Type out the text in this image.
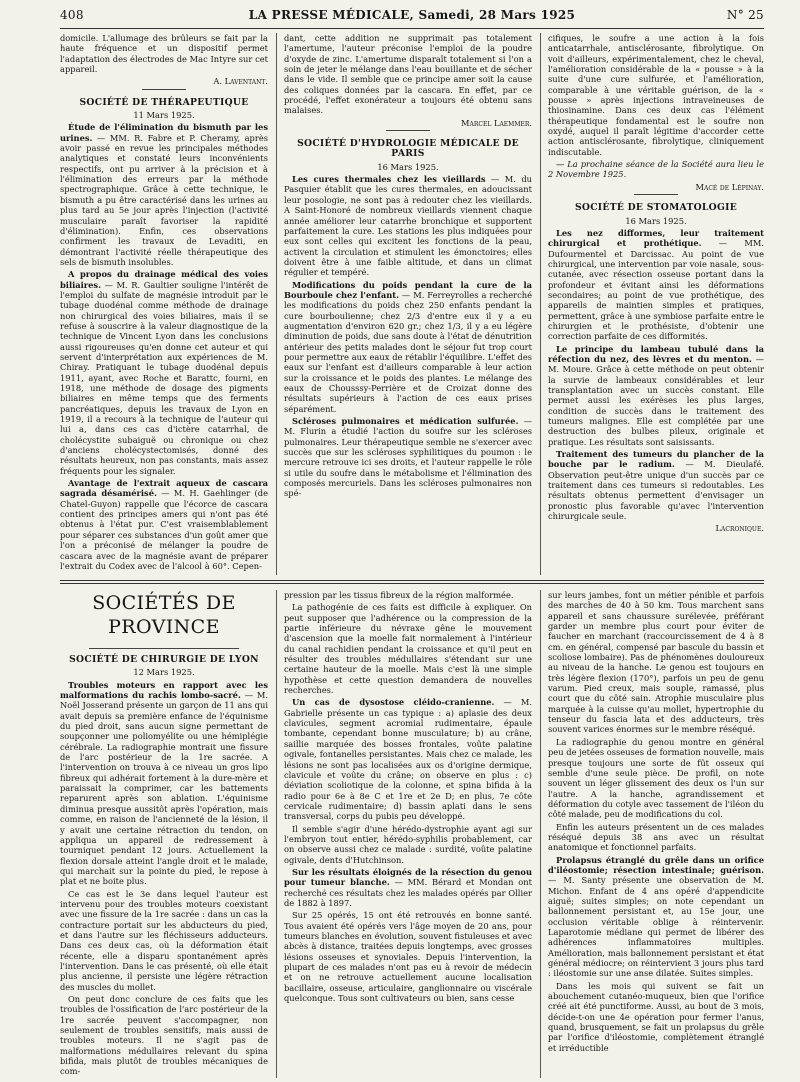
408	LA PRESSE MÉDICALE, Samedi, 28 Mars 1925	N° 25

domicile. L'allumage des brûleurs se fait par la haute fréquence et un dispositif permet l'adaptation des électrodes de Mac Intyre sur cet appareil.

A. Laventant.

SOCIÉTÉ DE THÉRAPEUTIQUE

11 Mars 1925.

Étude de l'élimination du bismuth par les urines. — MM. R. Fabre et P. Cheramy, après avoir passé en revue les principales méthodes analytiques et constaté leurs inconvénients respectifs, ont pu arriver à la précision et à l'élimination des erreurs par la méthode spectrographique. Grâce à cette technique, le bismuth a pu être caractérisé dans les urines au plus tard au 5e jour après l'injection (l'activité musculaire paraît favoriser la rapidité d'élimination). Enfin, ces observations confirment les travaux de Levaditi, en démontrant l'activité réelle thérapeutique des sels de bismuth insolubles.

A propos du drainage médical des voies biliaires. — M. R. Gaultier souligne l'intérêt de l'emploi du sulfate de magnésie introduit par le tubage duodénal comme méthode de drainage non chirurgical des voies biliaires, mais il se refuse à souscrire à la valeur diagnostique de la technique de Vincent Lyon dans les conclusions aussi rigoureuses qu'en donne cet auteur et qui servent d'interprétation aux expériences de M. Chiray. Pratiquant le tubage duodénal depuis 1911, ayant, avec Roche et Barattc, fourni, en 1918, une méthode de dosage des pigments biliaires en même temps que des ferments pancréatiques, depuis les travaux de Lyon en 1919, il a recours à la technique de l'auteur qui lui a, dans ces cas d'ictère catarrhal, de cholécystite subaiguë ou chronique ou chez d'anciens cholécystectomisés, donné des résultats heureux, non pas constants, mais assez fréquents pour les signaler.

Avantage de l'extrait aqueux de cascara sagrada désamérisé. — M. H. Gaehlinger (de Chatel-Guyon) rappelle que l'écorce de cascara contient des principes amers qui n'ont pas été obtenus à l'état pur. C'est vraisemblablement pour séparer ces substances d'un goût amer que l'on a préconisé de mélanger la poudre de cascara avec de la magnésie avant de préparer l'extrait du Codex avec de l'alcool à 60°. Cepen-

dant, cette addition ne supprimait pas totalement l'amertume, l'auteur préconise l'emploi de la poudre d'oxyde de zinc. L'amertume disparaît totalement si l'on a soin de jeter le mélange dans l'eau bouillante et de sécher dans le vide. Il semble que ce principe amer soit la cause des coliques données par la cascara. En effet, par ce procédé, l'effet exonérateur a toujours été obtenu sans malaises.

Marcel Laemmer.

SOCIÉTÉ D'HYDROLOGIE MÉDICALE DE PARIS

16 Mars 1925.

Les cures thermales chez les vieillards — M. du Pasquier établit que les cures thermales, en adoucissant leur posologie, ne sont pas à redouter chez les vieillards. A Saint-Honoré de nombreux vieillards viennent chaque année améliorer leur catarrhe bronchique et supportent parfaitement la cure. Les stations les plus indiquées pour eux sont celles qui excitent les fonctions de la peau, activent la circulation et stimulent les émonctoires; elles doivent être à une faible altitude, et dans un climat régulier et tempéré.

Modifications du poids pendant la cure de la Bourboule chez l'enfant. — M. Ferreyrolles a recherché les modifications du poids chez 250 enfants pendant la cure bourboulienne; chez 2/3 d'entre eux il y a eu augmentation d'environ 620 gr.; chez 1/3, il y a eu légère diminution de poids, due sans doute à l'état de dénutrition antérieur des petits malades dont le séjour fut trop court pour permettre aux eaux de rétablir l'équilibre. L'effet des eaux sur l'enfant est d'ailleurs comparable à leur action sur la croissance et le poids des plantes. Le mélange des eaux de Chousssy-Perrière et de Croizat donne des résultats supérieurs à l'action de ces eaux prises séparément.

Scléroses pulmonaires et médication sulfurée. — M. Flurin a étudié l'action du soufre sur les scléroses pulmonaires. Leur thérapeutique semble ne s'exercer avec succès que sur les scléroses syphilitiques du poumon : le mercure retrouve ici ses droits, et l'auteur rappelle le rôle si utile du soufre dans le métabolisme et l'élimination des composés mercuriels. Dans les scléroses pulmonaires non spé-

cifiques, le soufre a une action à la fois anticatarrhale, antisclérosante, fibrolytique. On voit d'ailleurs, expérimentalement, chez le cheval, l'amélioration considérable de la « pousse » à la suite d'une cure sulfurée, et l'amélioration, comparable à une véritable guérison, de la « pousse » après injections intraveineuses de thiosinamine. Dans ces deux cas l'élément thérapeutique fondamental est le soufre non oxydé, auquel il paraît légitime d'accorder cette action antisclérosante, fibrolytique, cliniquement indiscutable.

— La prochaine séance de la Société aura lieu le 2 Novembre 1925.

Macé de Lépinay.

SOCIÉTÉ DE STOMATOLOGIE

16 Mars 1925.

Les nez difformes, leur traitement chirurgical et prothétique. — MM. Dufourmentel et Darcissac. Au point de vue chirurgical, une intervention par voie nasale, sous-cutanée, avec résection osseuse portant dans la profondeur et évitant ainsi les déformations secondaires; au point de vue prothétique, des appareils de maintien simples et pratiques, permettent, grâce à une symbiose parfaite entre le chirurgien et le prothésiste, d'obtenir une correction parfaite de ces difformités.

Le principe du lambeau tubulé dans la réfection du nez, des lèvres et du menton. — M. Moure. Grâce à cette méthode on peut obtenir la survie de lambeaux considérables et leur transplantation avec un succès constant. Elle permet aussi les exérèses les plus larges, condition de succès dans le traitement des tumeurs malignes. Elle est complétée par une destruction des bulbes pileux, originale et pratique. Les résultats sont saisissants.

Traitement des tumeurs du plancher de la bouche par le radium. — M. Dieulafé. Observation peut-être unique d'un succès par ce traitement dans ces tumeurs si redoutables. Les résultats obtenus permettent d'envisager un pronostic plus favorable qu'avec l'intervention chirurgicale seule.

Lacronique.

SOCIÉTÉS DE PROVINCE

SOCIÉTÉ DE CHIRURGIE DE LYON

12 Mars 1925.

Troubles moteurs en rapport avec les malformations du rachis lombo-sacré. — M. Noël Josserand présente un garçon de 11 ans qui avait depuis sa première enfance de l'équinisme du pied droit, sans aucun signe permettant de soupçonner une poliomyélite ou une hémiplégie cérébrale. La radiographie montrait une fissure de l'arc postérieur de la 1re sacrée. A l'intervention on trouva à ce niveau un gros lipo fibreux qui adhérait fortement à la dure-mère et paraissait la comprimer, car les battements reparurent après son ablation. L'équinisme diminua presque aussitôt après l'opération, mais comme, en raison de l'ancienneté de la lésion, il y avait une certaine rétraction du tendon, on appliqua un appareil de redressement à tourniquet pendant 12 jours. Actuellement la flexion dorsale atteint l'angle droit et le malade, qui marchait sur la pointe du pied, le repose à plat et ne boite plus.

Ce cas est le 3e dans lequel l'auteur est intervenu pour des troubles moteurs coexistant avec une fissure de la 1re sacrée : dans un cas la contracture portait sur les abducteurs du pied, et dans l'autre sur les fléchisseurs adducteurs. Dans ces deux cas, où la déformation était récente, elle a disparu spontanément après l'intervention. Dans le cas présenté, où elle était plus ancienne, il persiste une légère rétraction des muscles du mollet.

On peut donc conclure de ces faits que les troubles de l'ossification de l'arc postérieur de la 1re sacrée peuvent s'accompagner, non seulement de troubles sensitifs, mais aussi de troubles moteurs. Il ne s'agit pas de malformations médullaires relevant du spina bifida, mais plutôt de troubles mécaniques de com-

pression par les tissus fibreux de la région malformée.

La pathogénie de ces faits est difficile à expliquer. On peut supposer que l'adhérence ou la compression de la partie inférieure du névraxe gêne le mouvement d'ascension que la moelle fait normalement à l'intérieur du canal rachidien pendant la croissance et qu'il peut en résulter des troubles médullaires s'étendant sur une certaine hauteur de la moelle. Mais c'est là une simple hypothèse et cette question demandera de nouvelles recherches.

Un cas de dysostose cléido-cranienne. — M. Gabrielle présente un cas typique : a) aplasie des deux clavicules, segment acromial rudimentaire, épaule tombante, cependant bonne musculature; b) au crâne, saillie marquée des bosses frontales, voûte palatine ogivale, fontanelles persistantes. Mais chez ce malade, les lésions ne sont pas localisées aux os d'origine dermique, clavicule et voûte du crâne; on observe en plus : c) déviation scoliotique de la colonne, et spina bifida à la radio pour 6e à 8e C et 1re et 2e D; en plus, 7e côte cervicale rudimentaire; d) bassin aplati dans le sens transversal, corps du pubis peu développé.

Il semble s'agir d'une hérédo-dystrophie ayant agi sur l'embryon tout entier, hérédo-syphilis probablement, car on observe aussi chez ce malade : surdité, voûte palatine ogivale, dents d'Hutchinson.

Sur les résultats éloignés de la résection du genou pour tumeur blanche. — MM. Bérard et Mondan ont recherché ces résultats chez les malades opérés par Ollier de 1882 à 1897.

Sur 25 opérés, 15 ont été retrouvés en bonne santé. Tous avaient été opérés vers l'âge moyen de 20 ans, pour tumeurs blanches en évolution, souvent fistuleuses et avec abcès à distance, traitées depuis longtemps, avec grosses lésions osseuses et synoviales. Depuis l'intervention, la plupart de ces malades n'ont pas eu à revoir de médecin et on ne retrouve actuellement aucune localisation bacillaire, osseuse, articulaire, ganglionnaire ou viscérale quelconque. Tous sont cultivateurs ou bien, sans cesse

sur leurs jambes, font un métier pénible et parfois des marches de 40 à 50 km. Tous marchent sans appareil et sans chaussure surélevée, préférant garder un membre plus court pour éviter de faucher en marchant (raccourcissement de 4 à 8 cm. en général, compensé par bascule du bassin et scoliose lombaire). Pas de phénomènes douloureux au niveau de la hanche. Le genou est toujours en très légère flexion (170°), parfois un peu de genu varum. Pied creux, mais souple, ramassé, plus court que du côté sain. Atrophie musculaire plus marquée à la cuisse qu'au mollet, hypertrophie du tenseur du fascia lata et des adducteurs, très souvent varices énormes sur le membre réséqué.

La radiographie du genou montre en général peu de jetées osseuses de formation nouvelle, mais presque toujours une sorte de fût osseux qui semble d'une seule pièce. De profil, on note souvent un léger glissement des deux os l'un sur l'autre. A la hanche, agrandissement et déformation du cotyle avec tassement de l'iléon du côté malade, peu de modifications du col.

Enfin les auteurs présentent un de ces malades réséqué depuis 38 ans avec un résultat anatomique et fonctionnel parfaits.

Prolapsus étranglé du grêle dans un orifice d'iléostomie; résection intestinale; guérison. — M. Santy présente une observation de M. Michon. Enfant de 4 ans opéré d'appendicite aiguë; suites simples; on note cependant un ballonnement persistant et, au 15e jour, une occlusion véritable oblige à réintervenir. Laparotomie médiane qui permet de libérer des adhérences inflammatoires multiples. Amélioration, mais ballonnement persistant et état général médiocre; on réintervient 3 jours plus tard : iléostomie sur une anse dilatée. Suites simples.

Dans les mois qui suivent se fait un abouchement cutanéo-muqueux, bien que l'orifice créé ait été punctiforme. Aussi, au bout de 3 mois, décide-t-on une 4e opération pour fermer l'anus, quand, brusquement, se fait un prolapsus du grêle par l'orifice d'iléostomie, complètement étranglé et irréductible
